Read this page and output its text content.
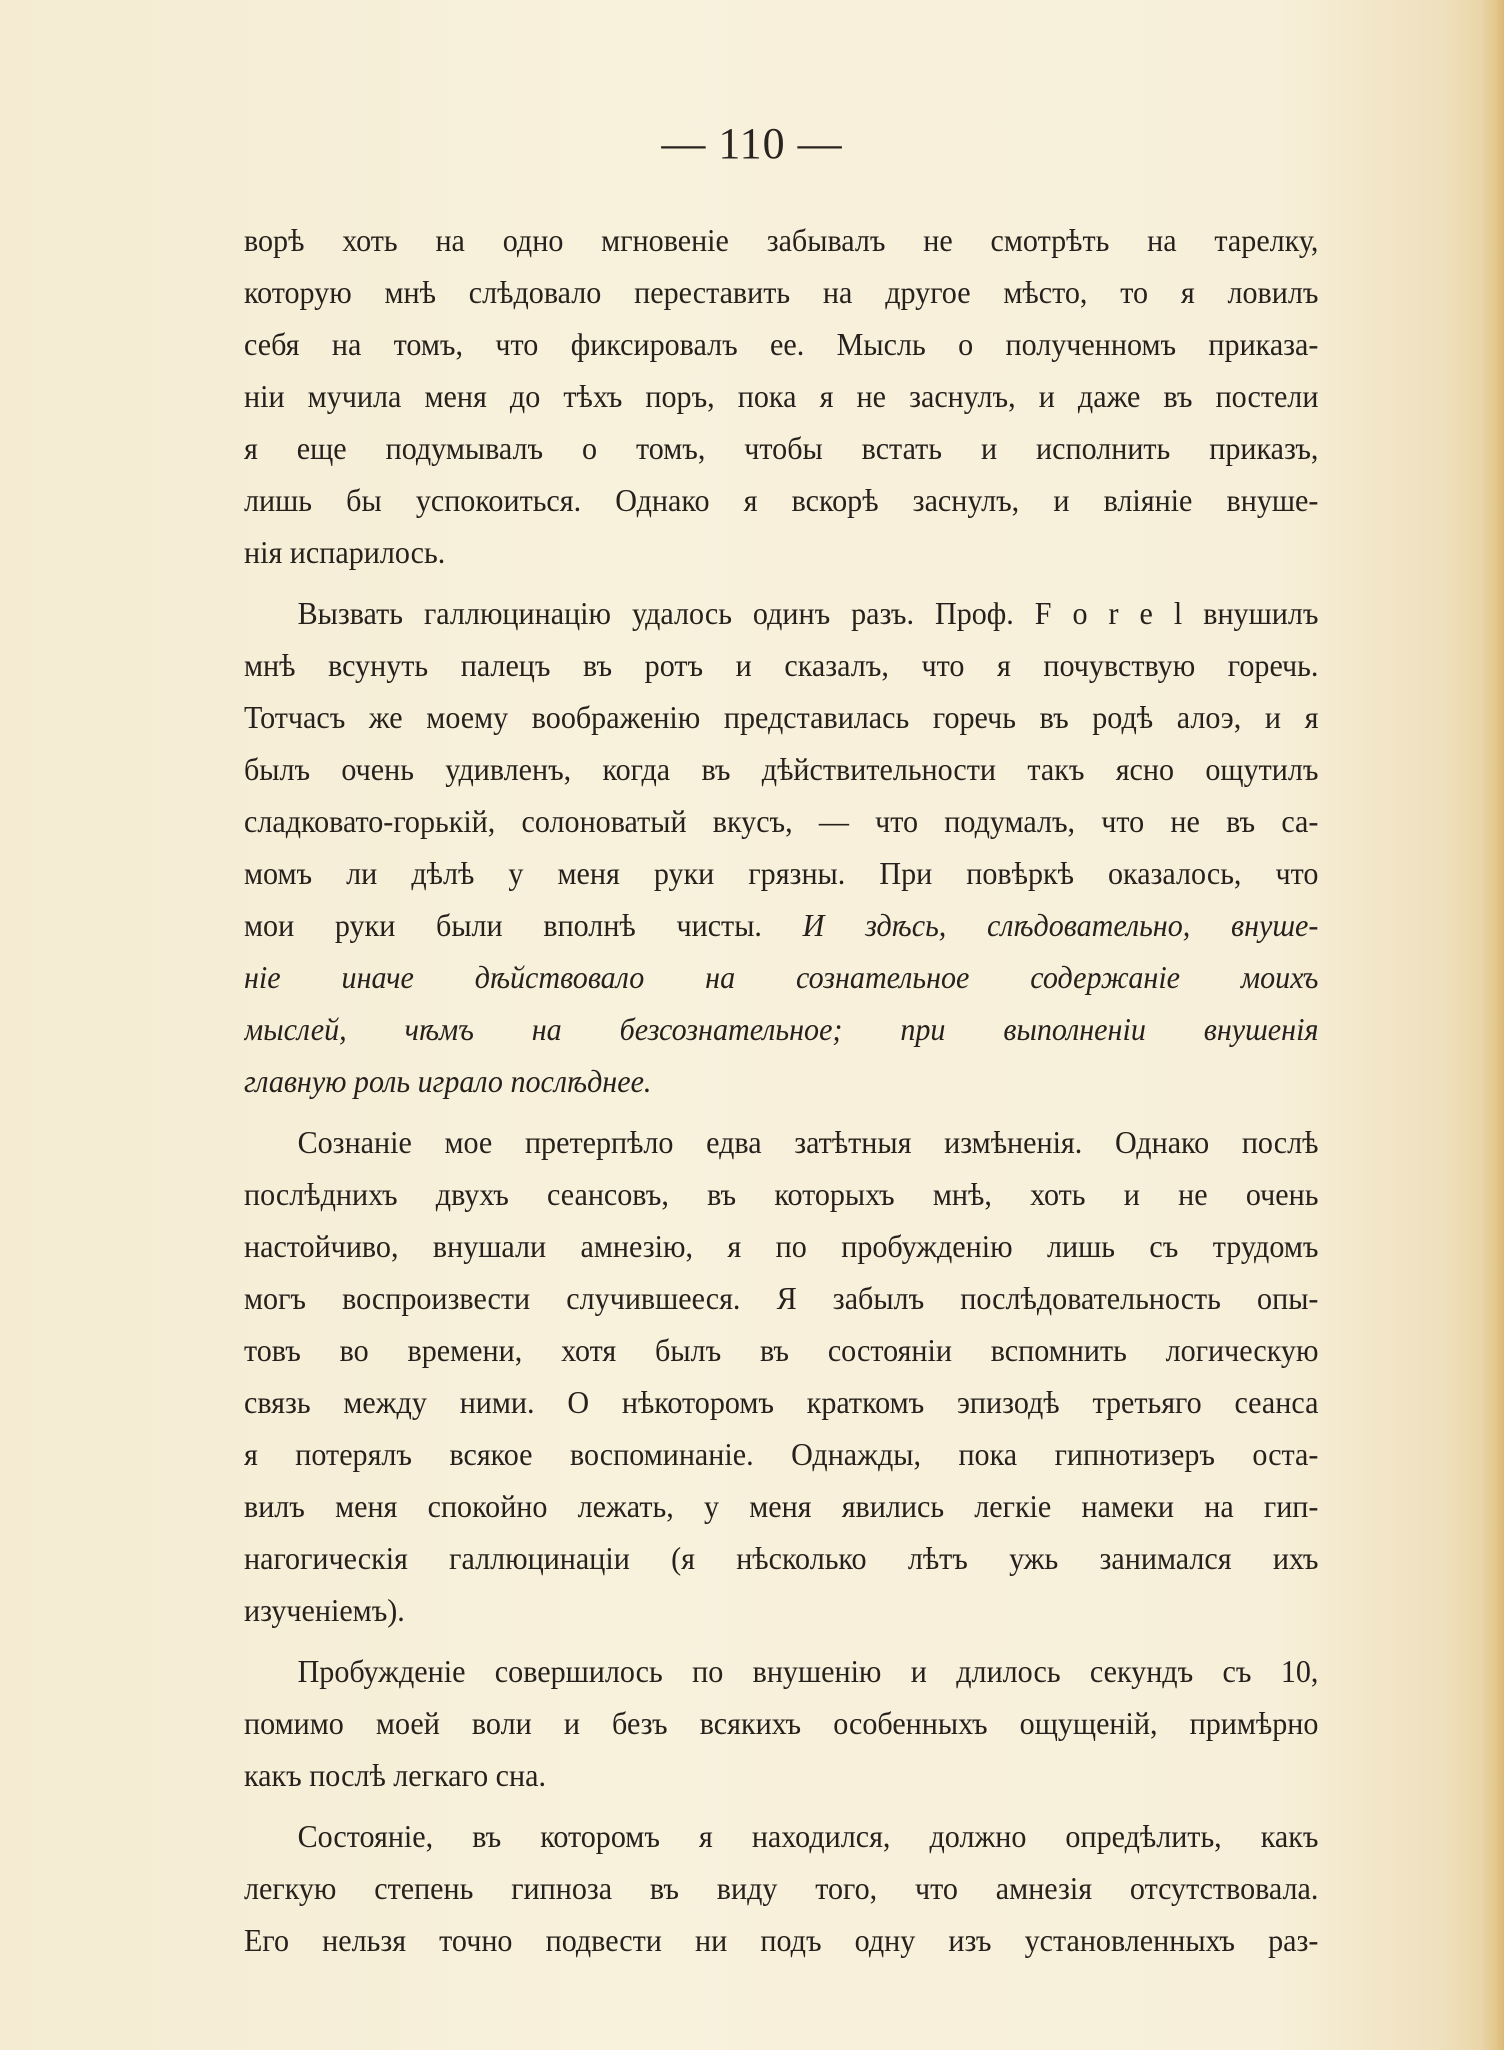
— 110 —
ворѣ хоть на одно мгновеніе забывалъ не смотрѣть на тарелку,
которую мнѣ слѣдовало переставить на другое мѣсто, то я ловилъ
себя на томъ, что фиксировалъ ее. Мысль о полученномъ приказа-
ніи мучила меня до тѣхъ поръ, пока я не заснулъ, и даже въ постели
я еще подумывалъ о томъ, чтобы встать и исполнить приказъ,
лишь бы успокоиться. Однако я вскорѣ заснулъ, и вліяніе внуше-
нія испарилось.
Вызвать галлюцинацію удалось одинъ разъ. Проф. F o r e l внушилъ
мнѣ всунуть палецъ въ ротъ и сказалъ, что я почувствую горечь.
Тотчасъ же моему воображенію представилась горечь въ родѣ алоэ, и я
былъ очень удивленъ, когда въ дѣйствительности такъ ясно ощутилъ
сладковато-горькій, солоноватый вкусъ, — что подумалъ, что не въ са-
момъ ли дѣлѣ у меня руки грязны. При повѣркѣ оказалось, что
мои руки были вполнѣ чисты. И здѣсь, слѣдовательно, внуше-
ніе иначе дѣйствовало на сознательное содержаніе моихъ
мыслей, чѣмъ на безсознательное; при выполненіи внушенія
главную роль играло послѣднее.
Сознаніе мое претерпѣло едва затѣтныя измѣненія. Однако послѣ
послѣднихъ двухъ сеансовъ, въ которыхъ мнѣ, хоть и не очень
настойчиво, внушали амнезію, я по пробужденію лишь съ трудомъ
могъ воспроизвести случившееся. Я забылъ послѣдовательность опы-
товъ во времени, хотя былъ въ состояніи вспомнить логическую
связь между ними. О нѣкоторомъ краткомъ эпизодѣ третьяго сеанса
я потерялъ всякое воспоминаніе. Однажды, пока гипнотизеръ оста-
вилъ меня спокойно лежать, у меня явились легкіе намеки на гип-
нагогическія галлюцинаціи (я нѣсколько лѣтъ ужь занимался ихъ
изученіемъ).
Пробужденіе совершилось по внушенію и длилось секундъ съ 10,
помимо моей воли и безъ всякихъ особенныхъ ощущеній, примѣрно
какъ послѣ легкаго сна.
Состояніе, въ которомъ я находился, должно опредѣлить, какъ
легкую степень гипноза въ виду того, что амнезія отсутствовала.
Его нельзя точно подвести ни подъ одну изъ установленныхъ раз-
